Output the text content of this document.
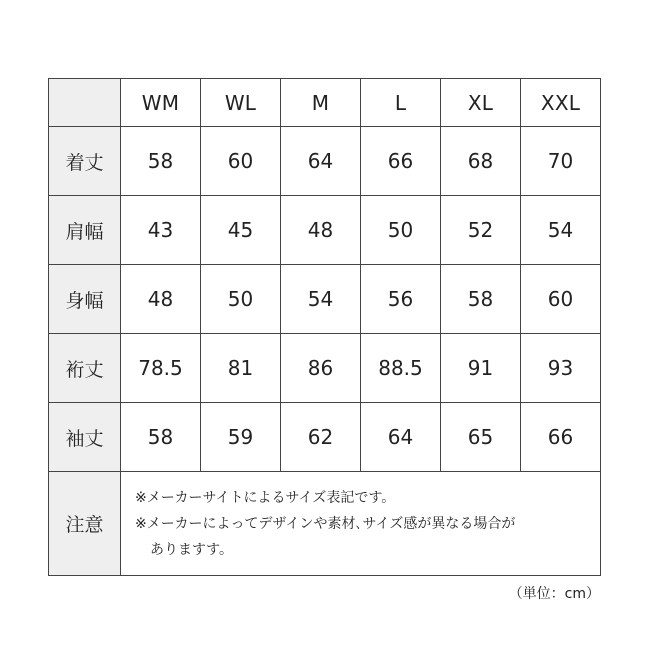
	WM	WL	M	L	XL	XXL
着丈	58	60	64	66	68	70
肩幅	43	45	48	50	52	54
身幅	48	50	54	56	58	60
裄丈	78.5	81	86	88.5	91	93
袖丈	58	59	62	64	65	66
注意	※メーカーサイトによるサイズ表記です。
※メーカーによってデザインや素材､サイズ感が異なる場合が
ありますす。					
（単位：cm）
